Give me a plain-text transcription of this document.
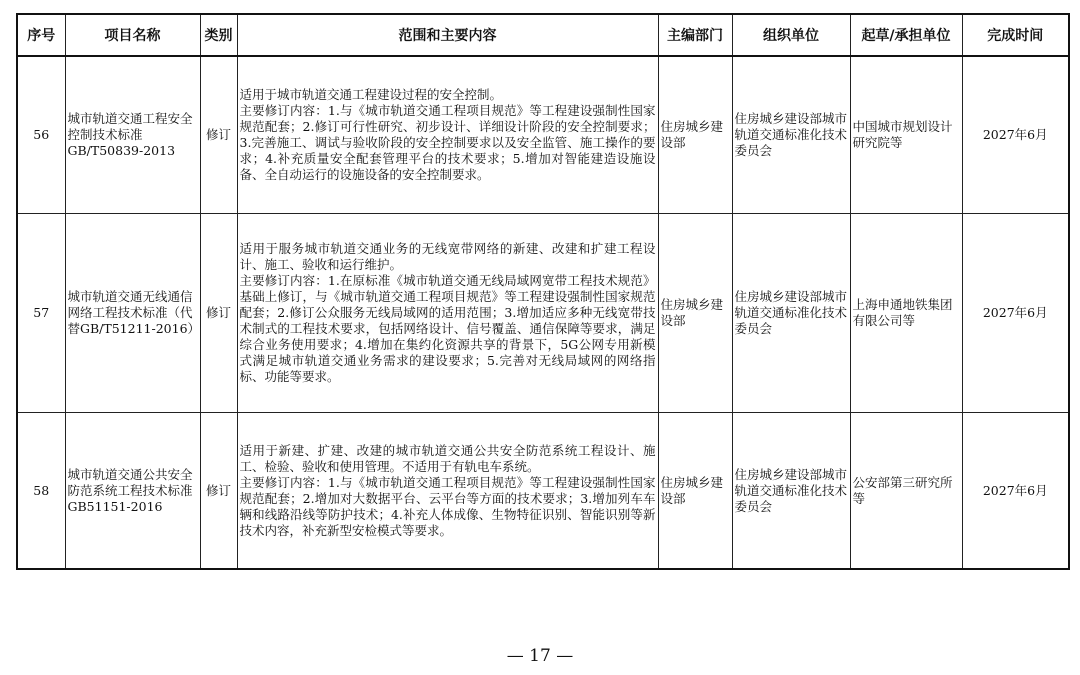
序号	项目名称	类别	范围和主要内容	主编部门	组织单位	起草/承担单位	完成时间
56	城市轨道交通工程安全控制技术标准GB/T50839-2013	修订	适用于城市轨道交通工程建设过程的安全控制。

主要修订内容：1.与《城市轨道交通工程项目规范》等工程建设强制性国家规范配套；2.修订可行性研究、初步设计、详细设计阶段的安全控制要求；3.完善施工、调试与验收阶段的安全控制要求以及安全监管、施工操作的要求；4.补充质量安全配套管理平台的技术要求；5.增加对智能建造设施设备、全自动运行的设施设备的安全控制要求。	住房城乡建设部	住房城乡建设部城市轨道交通标准化技术委员会	中国城市规划设计研究院等	2027年6月
57	城市轨道交通无线通信网络工程技术标准（代替GB/T51211-2016）	修订	适用于服务城市轨道交通业务的无线宽带网络的新建、改建和扩建工程设计、施工、验收和运行维护。

主要修订内容：1.在原标准《城市轨道交通无线局域网宽带工程技术规范》基础上修订，与《城市轨道交通工程项目规范》等工程建设强制性国家规范配套；2.修订公众服务无线局域网的适用范围；3.增加适应多种无线宽带技术制式的工程技术要求，包括网络设计、信号覆盖、通信保障等要求，满足综合业务使用要求；4.增加在集约化资源共享的背景下，5G公网专用新模式满足城市轨道交通业务需求的建设要求；5.完善对无线局域网的网络指标、功能等要求。	住房城乡建设部	住房城乡建设部城市轨道交通标准化技术委员会	上海申通地铁集团有限公司等	2027年6月
58	城市轨道交通公共安全防范系统工程技术标准GB51151-2016	修订	适用于新建、扩建、改建的城市轨道交通公共安全防范系统工程设计、施工、检验、验收和使用管理。不适用于有轨电车系统。

主要修订内容：1.与《城市轨道交通工程项目规范》等工程建设强制性国家规范配套；2.增加对大数据平台、云平台等方面的技术要求；3.增加列车车辆和线路沿线等防护技术；4.补充人体成像、生物特征识别、智能识别等新技术内容，补充新型安检模式等要求。	住房城乡建设部	住房城乡建设部城市轨道交通标准化技术委员会	公安部第三研究所等	2027年6月
— 17 —
